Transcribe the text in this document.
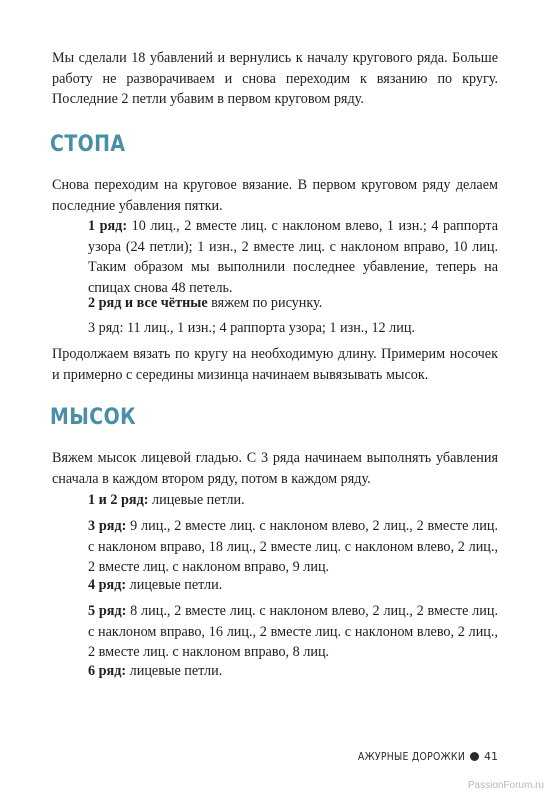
Мы сделали 18 убавлений и вернулись к началу кругового ряда. Больше работу не разворачиваем и снова переходим к вязанию по кругу. Последние 2 петли убавим в первом круговом ряду.

СТОПА

Снова переходим на круговое вязание. В первом круговом ряду делаем последние убавления пятки.

1 ряд: 10 лиц., 2 вместе лиц. с наклоном влево, 1 изн.; 4 раппорта узора (24 петли); 1 изн., 2 вместе лиц. с наклоном вправо, 10 лиц. Таким образом мы выполнили последнее убавление, теперь на спицах снова 48 петель.

2 ряд и все чётные вяжем по рисунку.

3 ряд: 11 лиц., 1 изн.; 4 раппорта узора; 1 изн., 12 лиц.

Продолжаем вязать по кругу на необходимую длину. Примерим носочек и примерно с середины мизинца начинаем вывязывать мысок.

МЫСОК

Вяжем мысок лицевой гладью. С 3 ряда начинаем выполнять убавления сначала в каждом втором ряду, потом в каждом ряду.

1 и 2 ряд: лицевые петли.

3 ряд: 9 лиц., 2 вместе лиц. с наклоном влево, 2 лиц., 2 вместе лиц. с наклоном вправо, 18 лиц., 2 вместе лиц. с наклоном влево, 2 лиц., 2 вместе лиц. с наклоном вправо, 9 лиц.

4 ряд: лицевые петли.

5 ряд: 8 лиц., 2 вместе лиц. с наклоном влево, 2 лиц., 2 вместе лиц. с наклоном вправо, 16 лиц., 2 вместе лиц. с наклоном влево, 2 лиц., 2 вместе лиц. с наклоном вправо, 8 лиц.

6 ряд: лицевые петли.

АЖУРНЫЕ ДОРОЖКИ 41
PassionForum.ru
